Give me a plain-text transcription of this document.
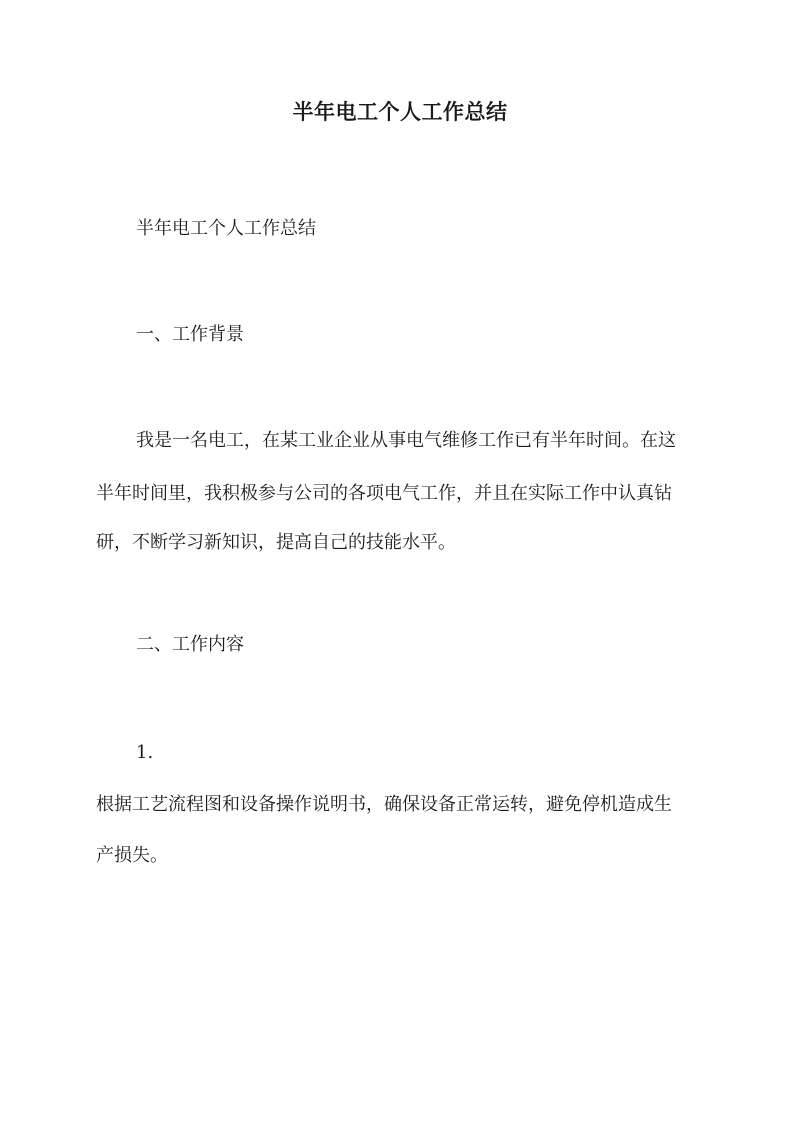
半年电工个人工作总结
半年电工个人工作总结
一、工作背景
我是一名电工，在某工业企业从事电气维修工作已有半年时间。在这
半年时间里，我积极参与公司的各项电气工作，并且在实际工作中认真钻
研，不断学习新知识，提高自己的技能水平。
二、工作内容
1.
根据工艺流程图和设备操作说明书，确保设备正常运转，避免停机造成生
产损失。
